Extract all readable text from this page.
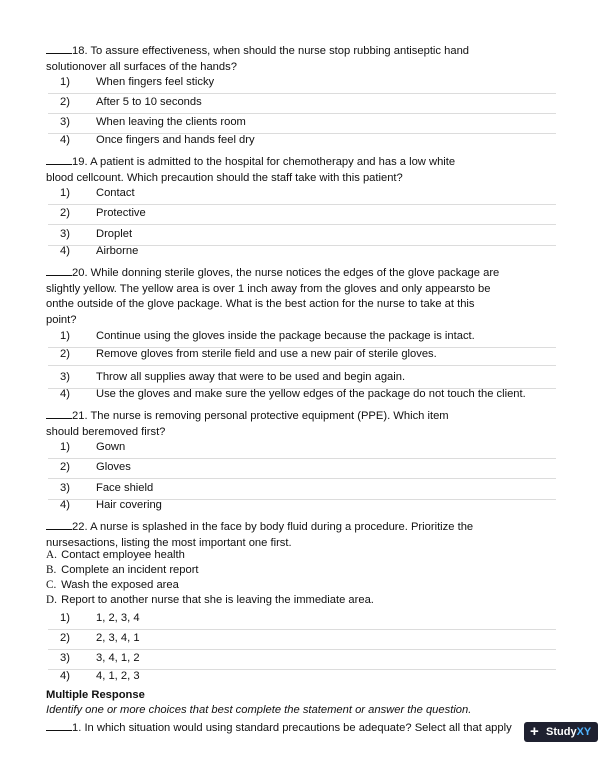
18. To assure effectiveness, when should the nurse stop rubbing antiseptic hand
solutionover all surfaces of the hands?
1) When fingers feel sticky
2) After 5 to 10 seconds
3) When leaving the clients room
4) Once fingers and hands feel dry
19. A patient is admitted to the hospital for chemotherapy and has a low white
blood cellcount. Which precaution should the staff take with this patient?
1) Contact
2) Protective
3) Droplet
4) Airborne
20. While donning sterile gloves, the nurse notices the edges of the glove package are
slightly yellow. The yellow area is over 1 inch away from the gloves and only appearsto be
onthe outside of the glove package. What is the best action for the nurse to take at this
point?
1) Continue using the gloves inside the package because the package is intact.
2) Remove gloves from sterile field and use a new pair of sterile gloves.
3) Throw all supplies away that were to be used and begin again.
4) Use the gloves and make sure the yellow edges of the package do not touch the client.
21. The nurse is removing personal protective equipment (PPE). Which item
should beremoved first?
1) Gown
2) Gloves
3) Face shield
4) Hair covering
22. A nurse is splashed in the face by body fluid during a procedure. Prioritize the
nursesactions, listing the most important one first.
A. Contact employee health
B. Complete an incident report
C. Wash the exposed area
D. Report to another nurse that she is leaving the immediate area.
1) 1, 2, 3, 4
2) 2, 3, 4, 1
3) 3, 4, 1, 2
4) 4, 1, 2, 3
Multiple Response
Identify one or more choices that best complete the statement or answer the question.
1. In which situation would using standard precautions be adequate? Select all that apply + StudyXY
